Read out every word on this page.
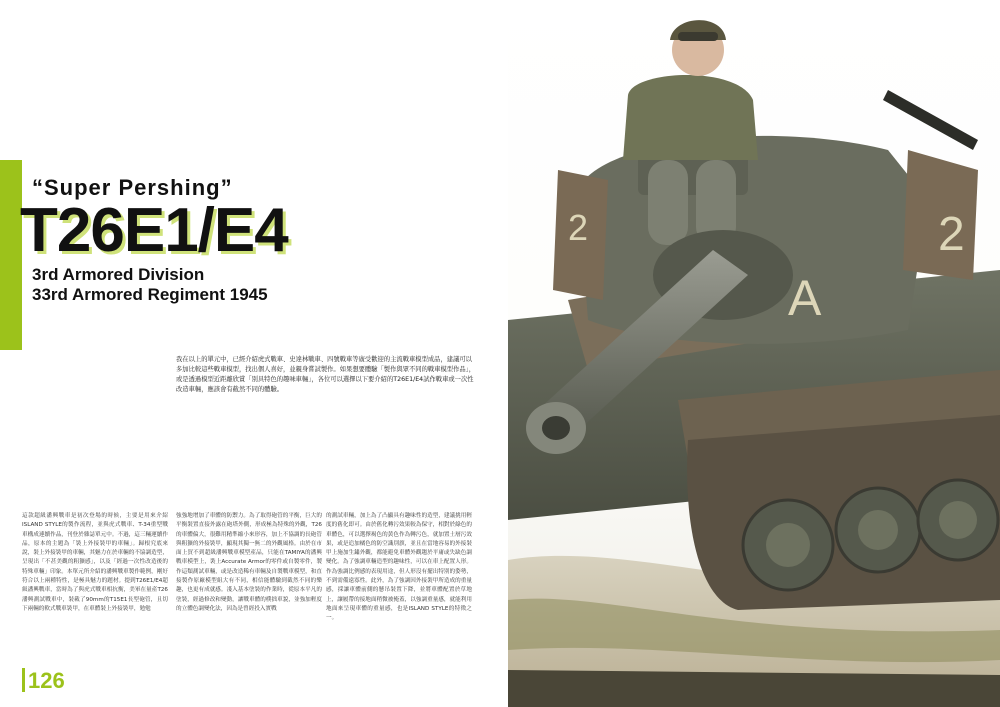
“Super Pershing”
T26E1/E4
3rd Armored Division
33rd Armored Regiment 1945

我在以上的單元中，已經介紹虎式戰車、史達林戰車、四號戰車等廣受歡迎的主流戰車模型成品，建議可以多加比較這些戰車模型，找出個人喜好，並親身嘗試製作。如果想要體驗「製作與眾不同的戰車模型作品」，或是透過模型近距離欣賞「別具特色的趣味車輛」，各位可以選擇以下要介紹的T26E1/E4試作戰車或一次性改造車輛，應該會有截然不同的體驗。

這款超級潘興戰車是初次登場的時候，主要是用來介紹ISLAND STYLE的製作流程，並與虎式戰車、T-34重型戰車構成連續作品，刊登於雜誌單元中。不過，這三輛運續作品，原本的主題為「裝上外接裝甲的車輛」。歸根究底來說，裝上外接裝甲的車輛，其魅力在於車輛的不協調造型，呈現出「不甚美觀的粗獷感」，以及「經過一次性改造後的特殊車輛」印象。本單元所介紹的潘興戰車製作範例，剛好符合以上兩種特性，是極具魅力的題材。提到T26E1/E4超級潘興戰車，當時為了與虎式戰車相抗衡，美軍在量產T26潘興測試戰車中，裝載了90mm的T15E1長型砲管，且切下兩輛的軟式戰車裝甲，在車體裝上外接裝甲，勉勉

強強地增加了車體的防禦力。為了取得砲管的平衡，巨大的平衡裝置直接外露在砲塔外側，形成極為特殊的外觀，T26的車體偏大，很難用精準縮小來形容，加上不協調的長砲管與粗獷的外接裝甲，顯現其獨一無二的外觀風格。由於在市面上買不到超級潘興戰車模型產品，只能在TAMIYA的潘興戰車模型上，裝上Accurate Armor的零件或自製零件，製作這類測試車輛，或是改造稀有車輛及自製戰車模型，和直接製作原廠模型組大有不同，相信能體驗到截然不同的樂趣，也更有成就感。淺入基本塗裝的作業時，從原本平凡的塗裝，經過修改和變動，讓戰車體的樸拙車貌，並強加輕度的立體色調變化法，因為是曾經投入實戰

的測試車輛，加上為了凸顯具有趣味性的造型，建議挑用輕度的舊化即可。由於舊化轉污效果較為保守，相對於綠色的車體色，可以選擇褐色的黃色作為轉污色，就加置土層污效果，或是追加橘色的防空識別旗，並且在當地容易的外接裝甲上施加生鏽外觀，都能避免車體外觀趨於平庸或失缺色調變化。為了強調車輛造型的趣味性，可以在車上配置人形。作為強調比例感的表現用途，但人形沒有擺出特別的姿勢，不到需備遠寡性。此外，為了強調因外接裝甲所造成的重量感，採讓車體前側的懸吊裝置下降，並將車體配置於草地上，讓履帶的接地面稍微被掩蓋，以強調重量感，就能利用地面來呈現車體的重量感，也是ISLAND STYLE的特徵之一。

126
2
2
A
